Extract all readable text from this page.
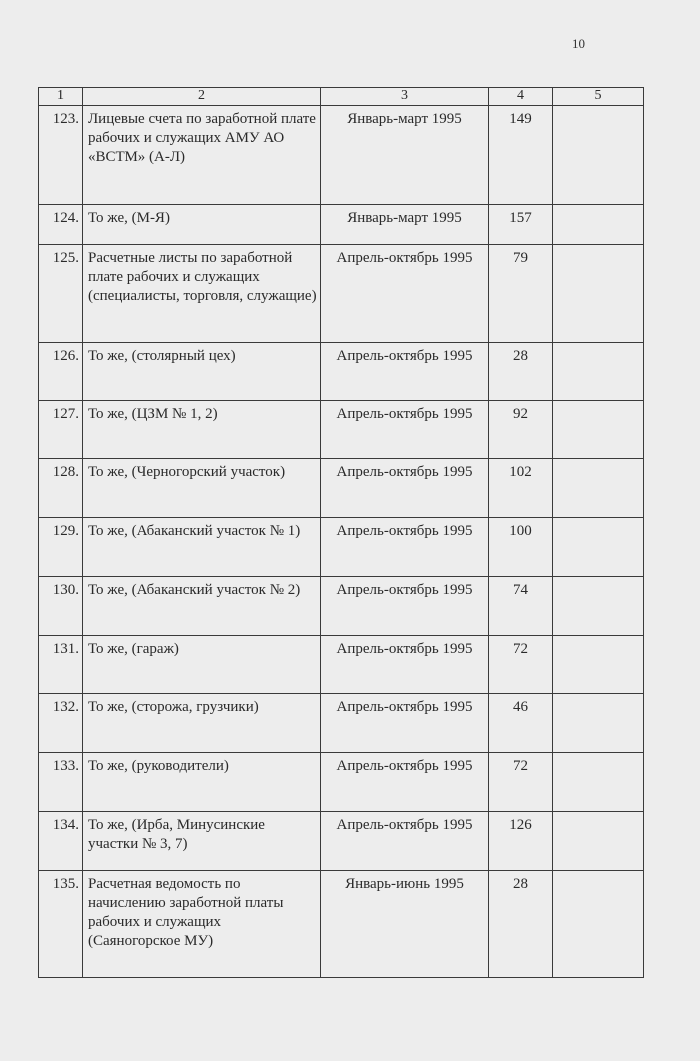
10
1	2	3	4	5
123.	Лицевые счета по заработной плате рабочих и служащих АМУ АО «ВСТМ» (А-Л)	Январь-март 1995	149	
124.	То же, (М-Я)	Январь-март 1995	157	
125.	Расчетные листы по заработной плате рабочих и служащих (специалисты, торговля, служащие)	Апрель-октябрь 1995	79	
126.	То же, (столярный цех)	Апрель-октябрь 1995	28	
127.	То же, (ЦЗМ № 1, 2)	Апрель-октябрь 1995	92	
128.	То же, (Черногорский участок)	Апрель-октябрь 1995	102	
129.	То же, (Абаканский участок № 1)	Апрель-октябрь 1995	100	
130.	То же, (Абаканский участок № 2)	Апрель-октябрь 1995	74	
131.	То же, (гараж)	Апрель-октябрь 1995	72	
132.	То же, (сторожа, грузчики)	Апрель-октябрь 1995	46	
133.	То же, (руководители)	Апрель-октябрь 1995	72	
134.	То же, (Ирба, Минусинские участки № 3, 7)	Апрель-октябрь 1995	126	
135.	Расчетная ведомость по начислению заработной платы рабочих и служащих (Саяногорское МУ)	Январь-июнь 1995	28	
